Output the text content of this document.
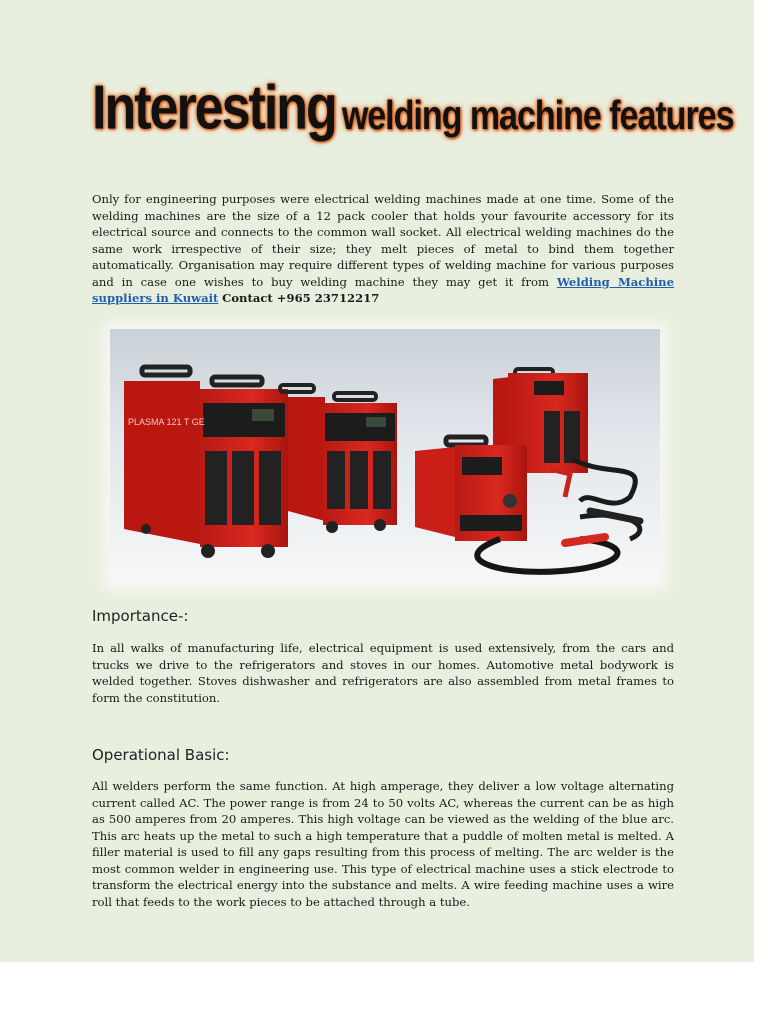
Interesting welding machine features

Only for engineering purposes were electrical welding machines made at one time. Some of the welding machines are the size of a 12 pack cooler that holds your favourite accessory for its electrical source and connects to the common wall socket. All electrical welding machines do the same work irrespective of their size; they melt pieces of metal to bind them together automatically. Organisation may require different types of welding machine for various purposes and in case one wishes to buy welding machine they may get it from Welding Machine suppliers in Kuwait Contact +965 23712217

PLASMA 121 T GE
Importance-:

In all walks of manufacturing life, electrical equipment is used extensively, from the cars and trucks we drive to the refrigerators and stoves in our homes. Automotive metal bodywork is welded together. Stoves dishwasher and refrigerators are also assembled from metal frames to form the constitution.

Operational Basic:

All welders perform the same function. At high amperage, they deliver a low voltage alternating current called AC. The power range is from 24 to 50 volts AC, whereas the current can be as high as 500 amperes from 20 amperes. This high voltage can be viewed as the welding of the blue arc. This arc heats up the metal to such a high temperature that a puddle of molten metal is melted. A filler material is used to fill any gaps resulting from this process of melting. The arc welder is the most common welder in engineering use. This type of electrical machine uses a stick electrode to transform the electrical energy into the substance and melts. A wire feeding machine uses a wire roll that feeds to the work pieces to be attached through a tube.
